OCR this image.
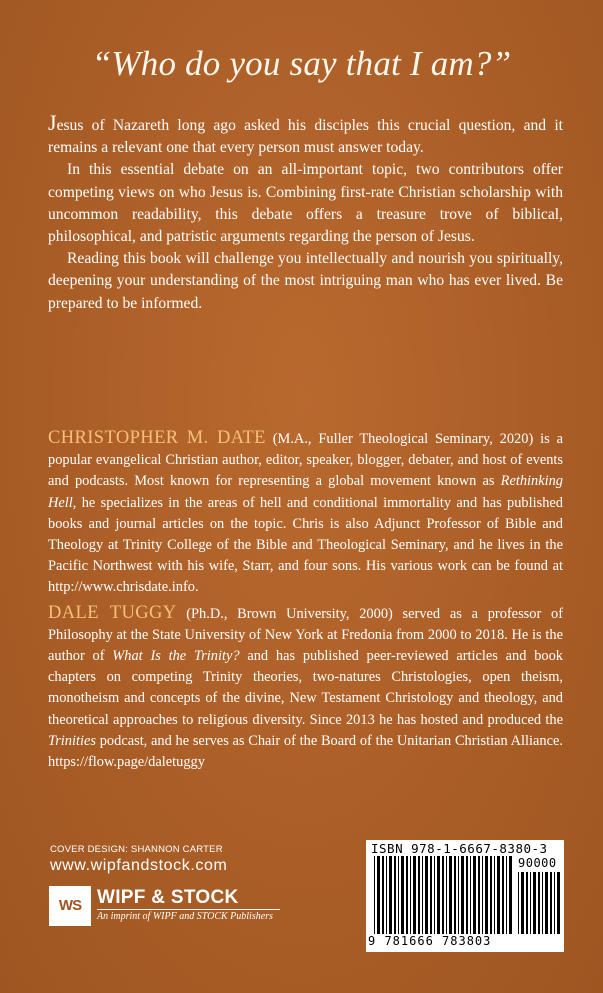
“Who do you say that I am?”

Jesus of Nazareth long ago asked his disciples this crucial question, and it remains a relevant one that every person must answer today.

In this essential debate on an all-important topic, two contributors offer competing views on who Jesus is. Combining first-rate Christian scholarship with uncommon readability, this debate offers a treasure trove of biblical, philosophical, and patristic arguments regarding the person of Jesus.

Reading this book will challenge you intellectually and nourish you spiritually, deepening your understanding of the most intriguing man who has ever lived. Be prepared to be informed.

CHRISTOPHER M. DATE (M.A., Fuller Theological Seminary, 2020) is a popular evangelical Christian author, editor, speaker, blogger, debater, and host of events and podcasts. Most known for representing a global movement known as Rethinking Hell, he specializes in the areas of hell and conditional immortality and has published books and journal articles on the topic. Chris is also Adjunct Professor of Bible and Theology at Trinity College of the Bible and Theological Seminary, and he lives in the Pacific Northwest with his wife, Starr, and four sons. His various work can be found at http://www.chrisdate.info.

DALE TUGGY (Ph.D., Brown University, 2000) served as a professor of Philosophy at the State University of New York at Fredonia from 2000 to 2018. He is the author of What Is the Trinity? and has published peer-reviewed articles and book chapters on competing Trinity theories, two-natures Christologies, open theism, monotheism and concepts of the divine, New Testament Christology and theology, and theoretical approaches to religious diversity. Since 2013 he has hosted and produced the Trinities podcast, and he serves as Chair of the Board of the Unitarian Christian Alliance. https://flow.page/daletuggy

COVER DESIGN: SHANNON CARTER
www.wipfandstock.com
WS WIPF & STOCK
An imprint of WIPF and STOCK Publishers
ISBN 978-1-6667-8380-3
90000
9 781666 783803
